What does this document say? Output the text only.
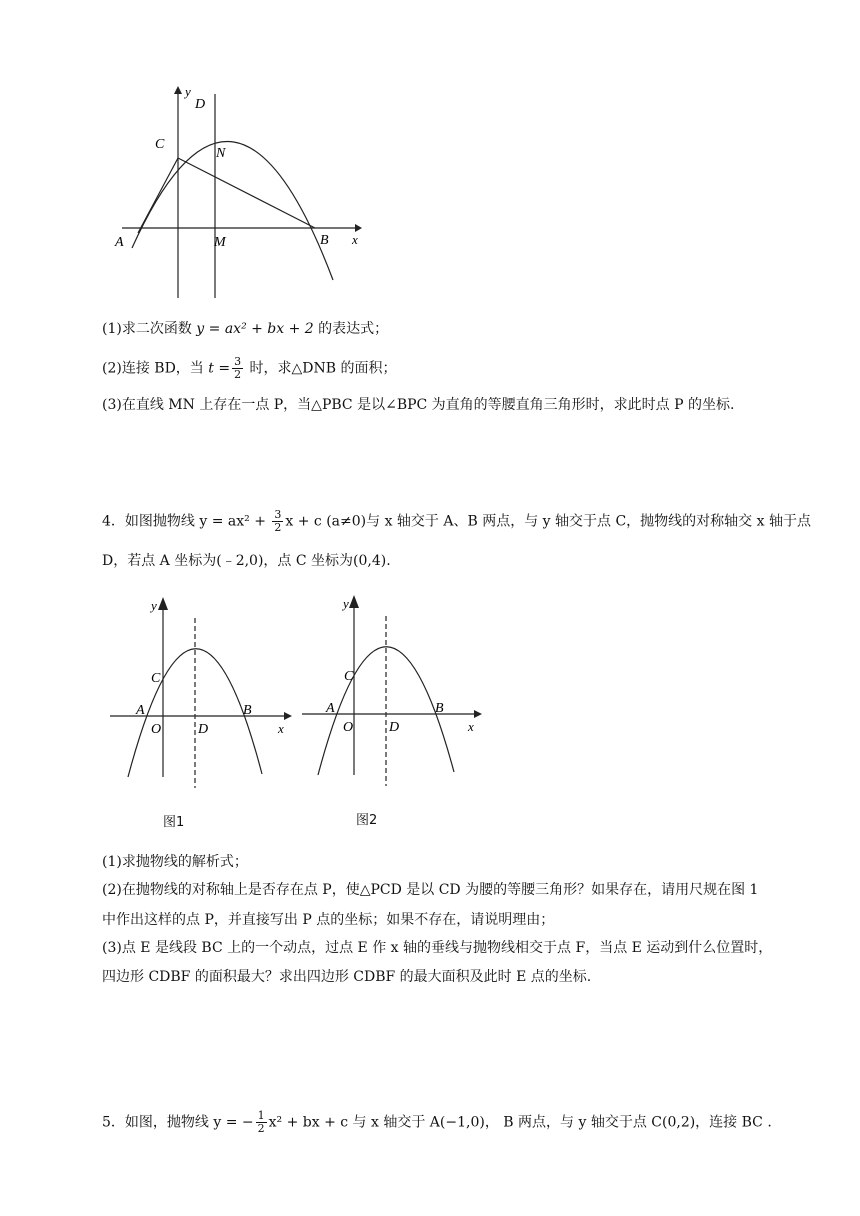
y
D
C
N
A	M	B x
(1)求二次函数 y = ax² + bx + 2 的表达式；
(2)连接 BD，当 $t = \frac{3}{2}$ 时，求△DNB 的面积；
(3)在直线 MN 上存在一点 P，当△PBC 是以∠BPC 为直角的等腰直角三角形时，求此时点 P 的坐标.
4．如图抛物线 $y = ax^2 + \frac{3}{2}$ x + c (a≠0)与 x 轴交于 A、B 两点，与 y 轴交于点 C，抛物线的对称轴交 x 轴于点
D，若点 A 坐标为(﹣2,0)，点 C 坐标为(0,4).
y
C
A
O	D
B
x
图1
y
C
A
O	D
B
x
图2
(1)求抛物线的解析式；
(2)在抛物线的对称轴上是否存在点 P，使△PCD 是以 CD 为腰的等腰三角形？如果存在，请用尺规在图 1
中作出这样的点 P，并直接写出 P 点的坐标；如果不存在，请说明理由；
(3)点 E 是线段 BC 上的一个动点，过点 E 作 x 轴的垂线与抛物线相交于点 F，当点 E 运动到什么位置时，
四边形 CDBF 的面积最大？求出四边形 CDBF 的最大面积及此时 E 点的坐标.
5．如图，抛物线 y = − $\frac{1}{2} x^2$ + bx + c 与 x 轴交于 A(−1,0)， B 两点，与 y 轴交于点 C(0,2)，连接 BC .
